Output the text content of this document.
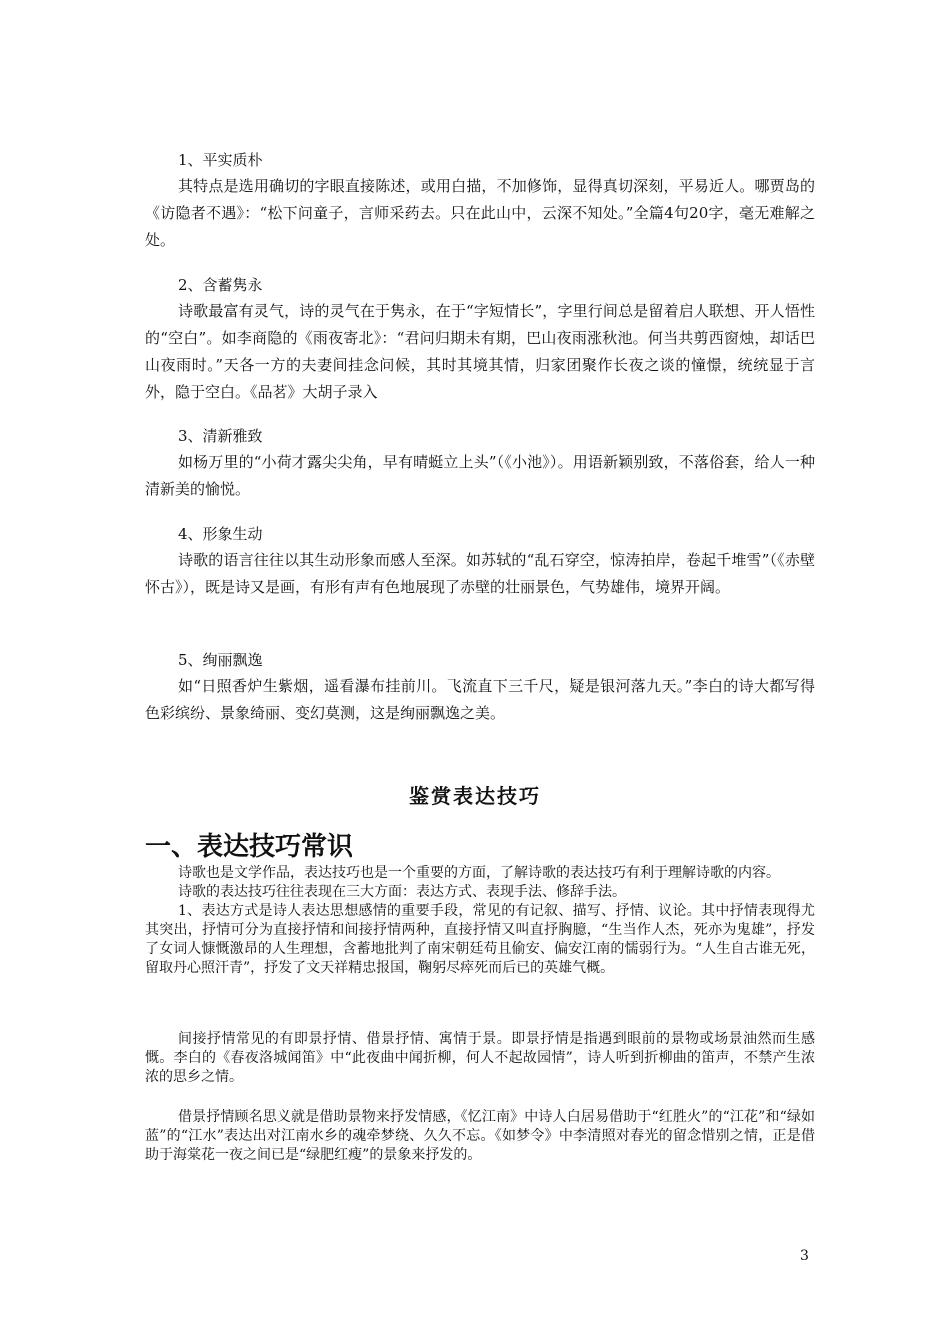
1、平实质朴

其特点是选用确切的字眼直接陈述，或用白描，不加修饰，显得真切深刻，平易近人。哪贾岛的《访隐者不遇》：“松下问童子，言师采药去。只在此山中，云深不知处。”全篇4句20字，毫无难解之处。

2、含蓄隽永

诗歌最富有灵气，诗的灵气在于隽永，在于“字短情长”，字里行间总是留着启人联想、开人悟性的“空白”。如李商隐的《雨夜寄北》：“君问归期未有期，巴山夜雨涨秋池。何当共剪西窗烛，却话巴山夜雨时。”天各一方的夫妻间挂念问候，其时其境其情，归家团聚作长夜之谈的憧憬，统统显于言外，隐于空白。《品茗》大胡子录入

3、清新雅致

如杨万里的“小荷才露尖尖角，早有晴蜓立上头”（《小池》）。用语新颖别致，不落俗套，给人一种清新美的愉悦。

4、形象生动

诗歌的语言往往以其生动形象而感人至深。如苏轼的“乱石穿空，惊涛拍岸，卷起千堆雪”（《赤壁怀古》），既是诗又是画，有形有声有色地展现了赤壁的壮丽景色，气势雄伟，境界开阔。

5、绚丽飘逸

如“日照香炉生紫烟，遥看瀑布挂前川。飞流直下三千尺，疑是银河落九天。”李白的诗大都写得色彩缤纷、景象绮丽、变幻莫测，这是绚丽飘逸之美。

鉴赏表达技巧
一、表达技巧常识

诗歌也是文学作品，表达技巧也是一个重要的方面，了解诗歌的表达技巧有利于理解诗歌的内容。

诗歌的表达技巧往往表现在三大方面：表达方式、表现手法、修辞手法。

1、表达方式是诗人表达思想感情的重要手段，常见的有记叙、描写、抒情、议论。其中抒情表现得尤其突出，抒情可分为直接抒情和间接抒情两种，直接抒情又叫直抒胸臆，“生当作人杰，死亦为鬼雄”，抒发了女词人慷慨激昂的人生理想，含蓄地批判了南宋朝廷苟且偷安、偏安江南的懦弱行为。“人生自古谁无死，留取丹心照汗青”，抒发了文天祥精忠报国，鞠躬尽瘁死而后已的英雄气概。

间接抒情常见的有即景抒情、借景抒情、寓情于景。即景抒情是指遇到眼前的景物或场景油然而生感慨。李白的《春夜洛城闻笛》中“此夜曲中闻折柳，何人不起故园情”，诗人听到折柳曲的笛声，不禁产生浓浓的思乡之情。

借景抒情顾名思义就是借助景物来抒发情感，《忆江南》中诗人白居易借助于“红胜火”的“江花”和“绿如蓝”的“江水”表达出对江南水乡的魂牵梦绕、久久不忘。《如梦令》中李清照对春光的留念惜别之情，正是借助于海棠花一夜之间已是“绿肥红瘦”的景象来抒发的。

3
